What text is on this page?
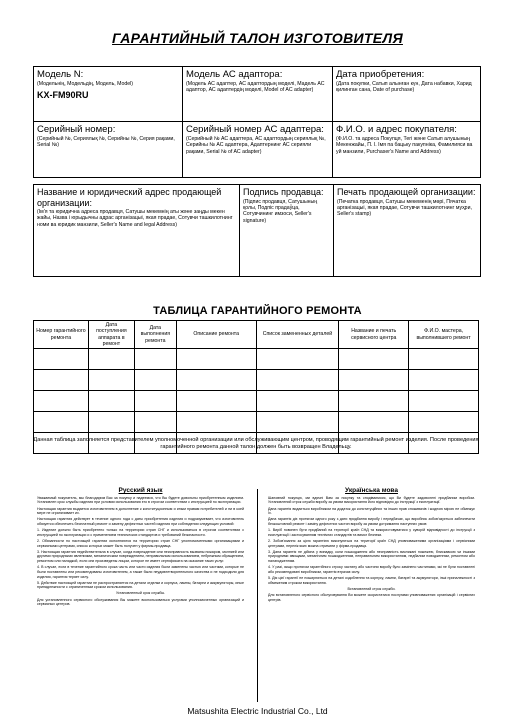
ГАРАНТИЙНЫЙ ТАЛОН ИЗГОТОВИТЕЛЯ
Модель N:
(Модельнің, Модельдің, Модель, Model)
KX-FM90RU
Модель АС адаптора:
(Модель АС адаптер, АС адаптордың моделі, Мадель АС адаптор, АС адаптердің моделі, Model of AC adapter)
Дата приобретения:
(Дата покупки, Сатып алынған күн, Дата набавки, Харид қилинган сана, Date of purchase)
Серийный номер:
(Серийный №, Сериялық №, Серийны №, Серия рақами, Serial №)
Серийный номер АС адаптера:
(Серийный № АС адаптера, АС адаптордың сериялық №, Серийны № АС адаптера, Адаптернинг АС серияли рақами, Serial № of AC adapter)
Ф.И.О. и адрес покупателя:
(Ф.И.О. та адреса Покупця, Тегі және Сатып алушының Мекенжайы, П. І. Імя па бацьку пакупніка, Фамилияси ва уй манзили, Purchaser's Name and Address)
Название и юридический адрес продающей организации:
(Ім'я та юридична адреса продавця, Сатушы мекемнің аты және заңды мекен жайы, Назва і юрыдычны адрас арганізацыі, якая прадае, Сотувчи ташкилотнинг номи ва юридик манзили, Seller's Name and legal Address)
Подпись продавца:
(Підпис продавця, Сатушының қолы, Подпіс прадаўца, Сотувчининг имзоси, Seller's signature)
Печать продающей организации:
(Печатка продавця, Сатушы мекеменің мөрі, Пячатка арганізацыі, якая прадае, Сотувчи ташкилотнинг муҳри, Seller's stamp)
ТАБЛИЦА ГАРАНТИЙНОГО РЕМОНТА
Номер гарантийного ремонта	Дата поступления аппарата в ремонт	Дата выполнения ремонта	Описание ремонта	Список замененных деталей	Название и печать сервисного центра	Ф.И.О. мастера, выполнившего ремонт

Данная таблица заполняется представителем уполномоченной организации или обслуживающим центром, проводящим гарантийный ремонт изделия. После проведения гарантийного ремонта данной талон должен быть возвращен Владельцу.
Русский язык

Уважаемый покупатель, мы благодарим Вас за покупку и надеемся, что Вы будете довольны приобретенным изделием. Установлен срок службы изделия при условии использования его в строгом соответствии с инструкцией по эксплуатации.

Настоящая гарантия выдается изготовителем в дополнение к конституционным и иным правам потребителей и ни в коей мере не ограничивает их.

Настоящая гарантия действует в течение одного года с даты приобретения изделия и подразумевает, что изготовитель обязуется обеспечить бесплатный ремонт и замену дефектных частей изделия при соблюдении следующих условий:

1. Изделие должно быть приобретено только на территории стран СНГ и использоваться в строгом соответствии с инструкцией по эксплуатации и с применением технических стандартов и требований безопасности.

2. Обязанности по настоящей гарантии исполняются на территории стран СНГ уполномоченными организациями и сервисными центрами, список которых может быть получен у фирмы-продавца.

3. Настоящая гарантия недействительна в случае, когда повреждение или неисправность вызваны пожаром, молнией или другими природными явлениями, механическим повреждением, неправильным использованием, небрежным обращением, ремонтом или наладкой, если они произведены лицом, которое не имеет сертификата на оказание таких услуг.

4. В случае, если в течение гарантийного срока часть или части изделия были заменены частью или частями, которые не были поставлены или рекомендованы изготовителем, а также были неудовлетворительного качества и не подходили для изделия, гарантия теряет силу.

5. Действие настоящей гарантии не распространяется на детали отделки и корпуса, лампы, батареи и аккумуляторы, иные принадлежности с ограниченным сроком использования.

Установленный срок службы.

Для установленного сервисного обслуживания Вы можете воспользоваться услугами уполномоченных организаций и сервисных центров.

Українська мова

Шановний покупцю, ми вдячні Вам за покупку та сподіваємося, що Ви будете задоволені придбаним виробом. Установлений строк служби виробу за умови використання його відповідно до інструкції з експлуатації.

Дана гарантія видається виробником на додаток до конституційних та інших прав споживачів і жодною мірою не обмежує їх.

Дана гарантія діє протягом одного року з дати придбання виробу і передбачає, що виробник зобов'язується забезпечити безкоштовний ремонт і заміну дефектних частин виробу за умови дотримання наступних умов:

1. Виріб повинен бути придбаний на території країн СНД та використовуватися у суворій відповідності до інструкції з експлуатації і застосуванням технічних стандартів та вимог безпеки.

2. Зобов'язання за цією гарантією виконуються на території країн СНД уповноваженими організаціями і сервісними центрами, перелік яких можна отримати у фірми-продавця.

3. Дана гарантія не дійсна у випадку, коли пошкодження або несправність викликані пожежею, блискавкою чи іншими природними явищами, механічним пошкодженням, неправильним використанням, недбалим поводженням, ремонтом або налагодженням.

4. У разі, якщо протягом гарантійного строку частину або частини виробу було замінено частинами, які не були поставлені або рекомендовані виробником, гарантія втрачає силу.

5. Дія цієї гарантії не поширюється на деталі оздоблення та корпусу, лампи, батареї та акумулятори, інші приналежності з обмеженим строком використання.

Встановлений строк служби.

Для встановленого сервісного обслуговування Ви можете скористатися послугами уповноважених організацій і сервісних центрів.

Matsushita Electric Industrial Co., Ltd
